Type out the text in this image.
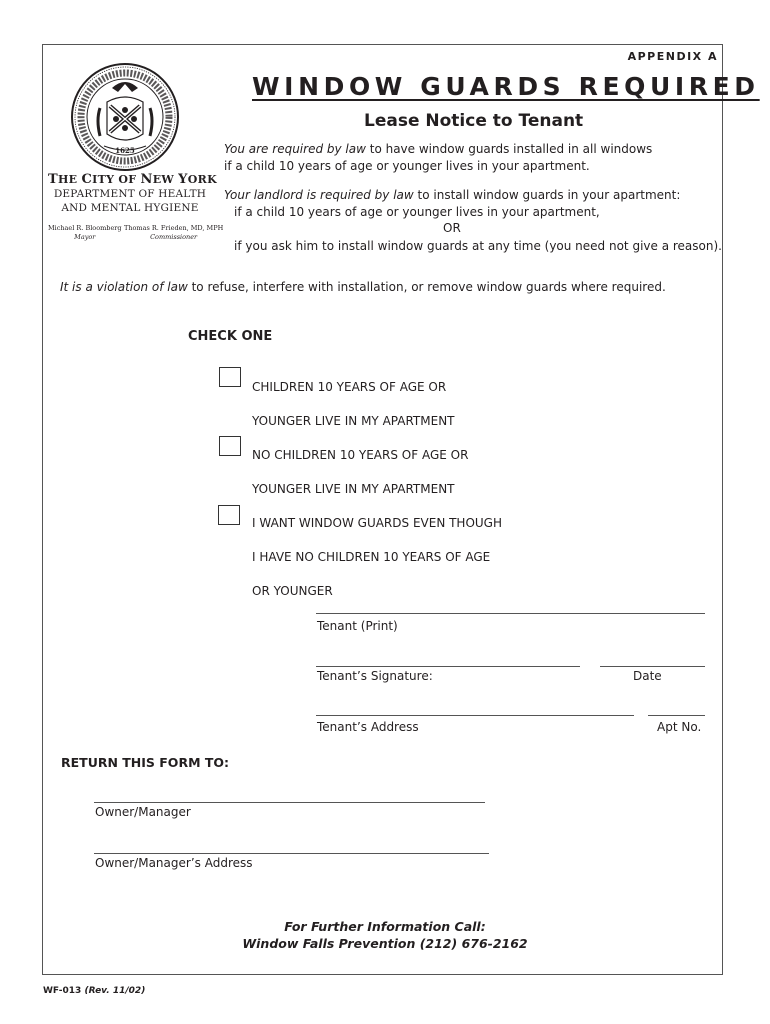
APPENDIX A
WINDOW GUARDS REQUIRED
Lease Notice to Tenant
1625
THE CITY OF NEW YORK
DEPARTMENT OF HEALTH
AND MENTAL HYGIENE
Michael R. Bloomberg
Mayor
Thomas R. Frieden, MD, MPH
Commissioner
You are required by law to have window guards installed in all windows
if a child 10 years of age or younger lives in your apartment.
Your landlord is required by law to install window guards in your apartment:
if a child 10 years of age or younger lives in your apartment,
OR
if you ask him to install window guards at any time (you need not give a reason).
It is a violation of law to refuse, interfere with installation, or remove window guards where required.
CHECK ONE

CHILDREN 10 YEARS OF AGE OR

YOUNGER LIVE IN MY APARTMENT

NO CHILDREN 10 YEARS OF AGE OR

YOUNGER LIVE IN MY APARTMENT

I WANT WINDOW GUARDS EVEN THOUGH

I HAVE NO CHILDREN 10 YEARS OF AGE

OR YOUNGER

Tenant (Print)
Tenant’s Signature:	Date
Tenant’s Address	Apt No.
RETURN THIS FORM TO:
Owner/Manager
Owner/Manager’s Address
For Further Information Call:
Window Falls Prevention (212) 676-2162
WF-013 (Rev. 11/02)
